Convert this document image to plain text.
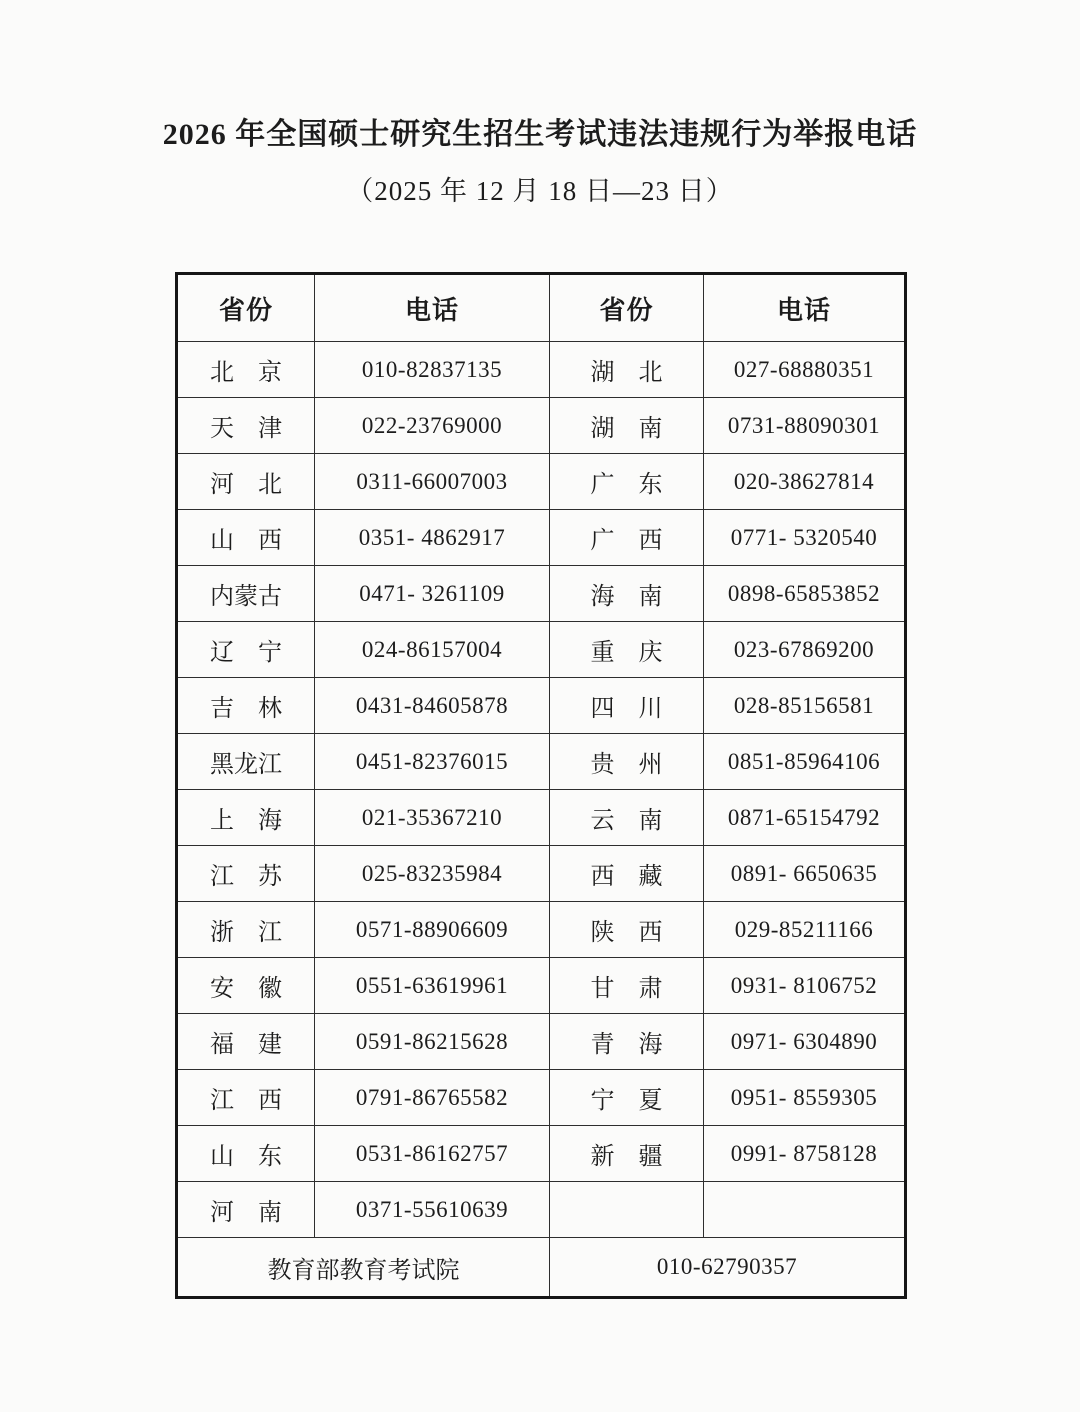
2026 年全国硕士研究生招生考试违法违规行为举报电话
（2025 年 12 月 18 日—23 日）
省份	电话	省份	电话
北　京	010-82837135	湖　北	027-68880351
天　津	022-23769000	湖　南	0731-88090301
河　北	0311-66007003	广　东	020-38627814
山　西	0351- 4862917	广　西	0771- 5320540
内蒙古	0471- 3261109	海　南	0898-65853852
辽　宁	024-86157004	重　庆	023-67869200
吉　林	0431-84605878	四　川	028-85156581
黑龙江	0451-82376015	贵　州	0851-85964106
上　海	021-35367210	云　南	0871-65154792
江　苏	025-83235984	西　藏	0891- 6650635
浙　江	0571-88906609	陕　西	029-85211166
安　徽	0551-63619961	甘　肃	0931- 8106752
福　建	0591-86215628	青　海	0971- 6304890
江　西	0791-86765582	宁　夏	0951- 8559305
山　东	0531-86162757	新　疆	0991- 8758128
河　南	0371-55610639		
教育部教育考试院		010-62790357	
